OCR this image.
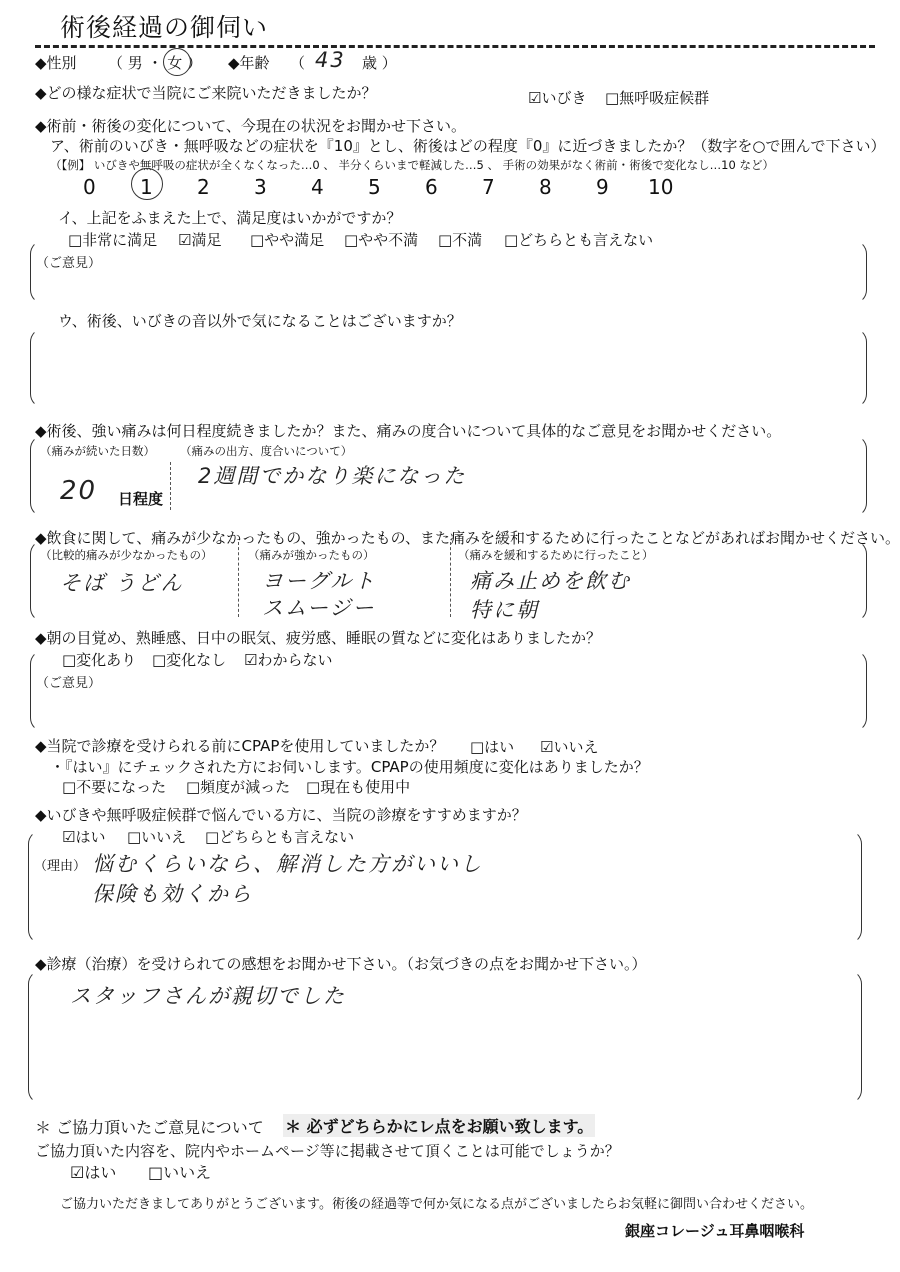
術後経過の御伺い
◆性別 （ 男 ・ 女 ） ◆年齢 （ 43 歳 ）
◆どの様な症状で当院にご来院いただきましたか？	☑いびき □無呼吸症候群
◆術前・術後の変化について、今現在の状況をお聞かせ下さい。
ア、術前のいびき・無呼吸などの症状を『10』とし、術後はどの程度『0』に近づきましたか？（数字を○で囲んで下さい）
（【例】 いびきや無呼吸の症状が全くなくなった…0 、 半分くらいまで軽減した…5 、 手術の効果がなく術前・術後で変化なし…10 など）
0 1 2 3 4 5 6 7 8 9 10
イ、上記をふまえた上で、満足度はいかがですか？
□非常に満足 ☑満足 □やや満足 □やや不満 □不満 □どちらとも言えない
（ご意見）
ウ、術後、いびきの音以外で気になることはございますか？
◆術後、強い痛みは何日程度続きましたか？また、痛みの度合いについて具体的なご意見をお聞かせください。
（痛みが続いた日数）
20 日程度
（痛みの出方、度合いについて）
2週間でかなり楽になった
◆飲食に関して、痛みが少なかったもの、強かったもの、また痛みを緩和するために行ったことなどがあればお聞かせください。
（比較的痛みが少なかったもの）
そば うどん
（痛みが強かったもの）
ヨーグルト
スムージー
（痛みを緩和するために行ったこと）
痛み止めを飲む
特に朝
◆朝の目覚め、熟睡感、日中の眠気、疲労感、睡眠の質などに変化はありましたか？
□変化あり □変化なし ☑わからない
（ご意見）
◆当院で診療を受けられる前にCPAPを使用していましたか？ □はい ☑いいえ
・『はい』にチェックされた方にお伺いします。CPAPの使用頻度に変化はありましたか？
□不要になった □頻度が減った □現在も使用中
◆いびきや無呼吸症候群で悩んでいる方に、当院の診療をすすめますか？
☑はい □いいえ □どちらとも言えない
（理由） 悩むくらいなら、解消した方がいいし
保険も効くから
◆診療（治療）を受けられての感想をお聞かせ下さい。（お気づきの点をお聞かせ下さい。）
スタッフさんが親切でした
＊ ご協力頂いたご意見について ＊ 必ずどちらかにレ点をお願い致します。
ご協力頂いた内容を、院内やホームページ等に掲載させて頂くことは可能でしょうか？
☑はい □いいえ
ご協力いただきましてありがとうございます。術後の経過等で何か気になる点がございましたらお気軽に御問い合わせください。
銀座コレージュ耳鼻咽喉科
